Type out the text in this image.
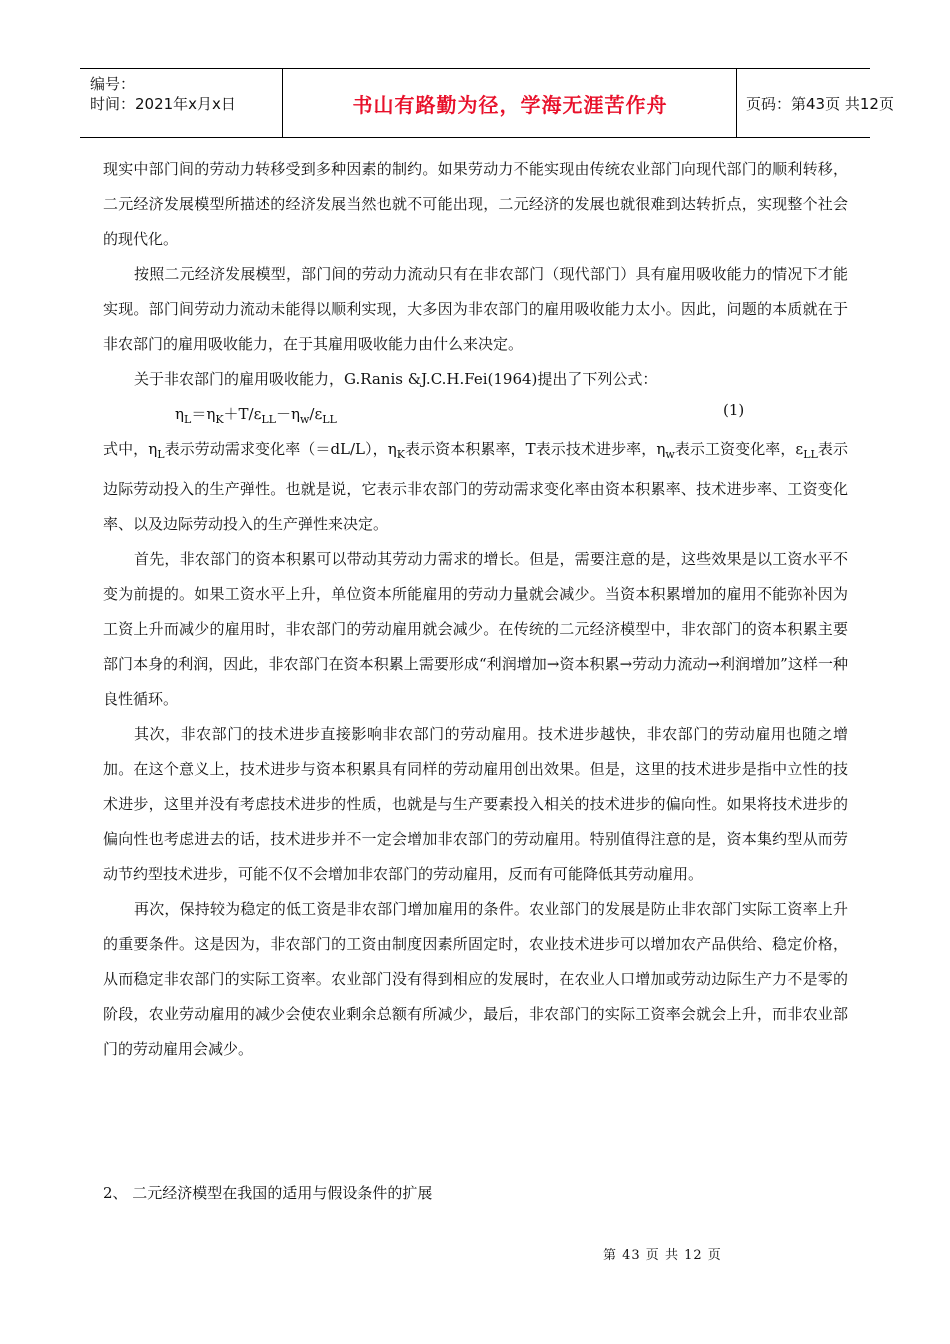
编号：
时间：2021年x月x日	书山有路勤为径，学海无涯苦作舟	页码：第43页 共12页

现实中部门间的劳动力转移受到多种因素的制约。如果劳动力不能实现由传统农业部门向现代部门的顺利转移，二元经济发展模型所描述的经济发展当然也就不可能出现，二元经济的发展也就很难到达转折点，实现整个社会的现代化。

按照二元经济发展模型，部门间的劳动力流动只有在非农部门（现代部门）具有雇用吸收能力的情况下才能实现。部门间劳动力流动未能得以顺利实现，大多因为非农部门的雇用吸收能力太小。因此，问题的本质就在于非农部门的雇用吸收能力，在于其雇用吸收能力由什么来决定。

关于非农部门的雇用吸收能力，G.Ranis &J.C.H.Fei(1964)提出了下列公式：

$\eta_L=\eta_K+T/\varepsilon_{LL}-\eta_w/\varepsilon_{LL}$
(1)

式中，$\eta_L$表示劳动需求变化率（＝dL/L），$\eta_K$表示资本积累率，T表示技术进步率，$\eta_w$表示工资变化率，$\varepsilon_{LL}$表示边际劳动投入的生产弹性。也就是说，它表示非农部门的劳动需求变化率由资本积累率、技术进步率、工资变化率、以及边际劳动投入的生产弹性来决定。

首先，非农部门的资本积累可以带动其劳动力需求的增长。但是，需要注意的是，这些效果是以工资水平不变为前提的。如果工资水平上升，单位资本所能雇用的劳动力量就会减少。当资本积累增加的雇用不能弥补因为工资上升而减少的雇用时，非农部门的劳动雇用就会减少。在传统的二元经济模型中，非农部门的资本积累主要部门本身的利润，因此，非农部门在资本积累上需要形成“利润增加→资本积累→劳动力流动→利润增加”这样一种良性循环。

其次，非农部门的技术进步直接影响非农部门的劳动雇用。技术进步越快，非农部门的劳动雇用也随之增加。在这个意义上，技术进步与资本积累具有同样的劳动雇用创出效果。但是，这里的技术进步是指中立性的技术进步，这里并没有考虑技术进步的性质，也就是与生产要素投入相关的技术进步的偏向性。如果将技术进步的偏向性也考虑进去的话，技术进步并不一定会增加非农部门的劳动雇用。特别值得注意的是，资本集约型从而劳动节约型技术进步，可能不仅不会增加非农部门的劳动雇用，反而有可能降低其劳动雇用。

再次，保持较为稳定的低工资是非农部门增加雇用的条件。农业部门的发展是防止非农部门实际工资率上升的重要条件。这是因为，非农部门的工资由制度因素所固定时，农业技术进步可以增加农产品供给、稳定价格，从而稳定非农部门的实际工资率。农业部门没有得到相应的发展时，在农业人口增加或劳动边际生产力不是零的阶段，农业劳动雇用的减少会使农业剩余总额有所减少，最后，非农部门的实际工资率会就会上升，而非农业部门的劳动雇用会减少。

2、 二元经济模型在我国的适用与假设条件的扩展
第 43 页 共 12 页
